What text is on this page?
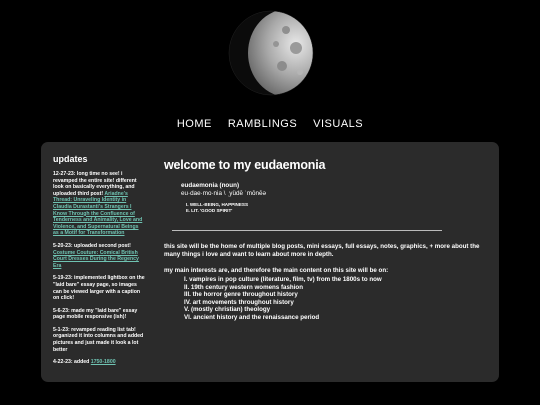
HOME RAMBLINGS VISUALS
updates

12-27-23: long time no see! i revamped the entire site! different look on basically everything, and uploaded third post! Ariadne's Thread: Unraveling Identity in Claudia Durastanti's Strangers I Know Through the Confluence of Tenderness and Animality, Love and Violence, and Supernatural Beings as a Motif for Transformation

5-20-23: uploaded second post! Costume Couture: Comical British Court Dresses During the Regency Era

5-19-23: implemented lightbox on the "laid bare" essay page, so images can be viewed larger with a caption on click!

5-6-23: made my "laid bare" essay page mobile responsive (ish)!

5-1-23: revamped reading list tab! organized it into columns and added pictures and just made it look a lot better

4-22-23: added 1750-1800

welcome to my eudaemonia
eudaemonia (noun)
eu·dae·mo·nia \ ˌyüdē ˈmōnēə
I. WELL-BEING, HAPPINESS
II. LIT. 'GOOD SPIRIT'

this site will be the home of multiple blog posts, mini essays, full essays, notes, graphics, + more about the many things i love and want to learn about more in depth.

my main interests are, and therefore the main content on this site will be on:

I. vampires in pop culture (literature, film, tv) from the 1800s to now
II. 19th century western womens fashion
III. the horror genre throughout history
IV. art movements throughout history
V. (mostly christian) theology
VI. ancient history and the renaissance period
